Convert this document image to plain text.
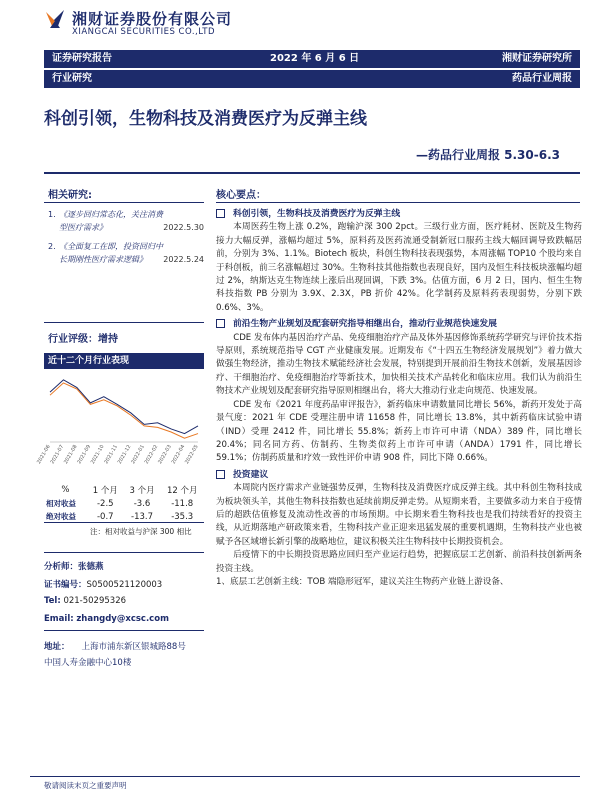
湘财证券股份有限公司
XIANGCAI SECURITIES CO.,LTD
证券研究报告	2022 年 6 月 6 日	湘财证券研究所
行业研究	药品行业周报
科创引领，生物科技及消费医疗为反弹主线
—药品行业周报 5.30-6.3
相关研究:
1. 《逐步回归常态化，关注消费型医疗需求》	2022.5.30
2. 《全面复工在即，投资回归中长期刚性医疗需求逻辑》	2022.5.24
行业评级：增持
近十二个月行业表现
2021-06
2021-07
2021-08
2021-09
2021-10
2021-11
2021-12
2022-01
2022-02
2022-03
2022-04
2022-05
%	1 个月	3 个月	12 个月
相对收益	-2.5	-3.6	-11.8
绝对收益	-0.7	-13.7	-35.3
注：相对收益与沪深 300 相比
分析师：张德燕
证书编号：S0500521120003
Tel: 021-50295326
Email: zhangdy@xcsc.com
地址： 上海市浦东新区银城路88号
中国人寿金融中心10楼
核心要点：
科创引领，生物科技及消费医疗为反弹主线

本周医药生物上涨 0.2%，跑输沪深 300 2pct。三级行业方面，医疗耗材、医院及生物药接力大幅反弹，涨幅均超过 5%，原料药及医药流通受制新冠口服药主线大幅回调导致跌幅居前，分别为 3%、1.1%。Biotech 板块，科创生物科技表现强势，本周涨幅 TOP10 个股均来自于科创板，前三名涨幅超过 30%。生物科技其他指数也表现良好，国内及恒生科技板块涨幅均超过 2%，纳斯达克生物连续上涨后出现回调，下跌 3%。估值方面，6 月 2 日，国内、恒生生物科技指数 PB 分别为 3.9X、2.3X，PB 折价 42%。化学制药及原料药表现弱势，分别下跌 0.6%、3%。

前沿生物产业规划及配套研究指导相继出台，推动行业规范快速发展

CDE 发布体内基因治疗产品、免疫细胞治疗产品及体外基因修饰系统药学研究与评价技术指导原则，系统规范指导 CGT 产业健康发展。近期发布《“十四五生物经济发展规划”》着力做大做强生物经济，推动生物技术赋能经济社会发展，特别提到开展前沿生物技术创新，发展基因诊疗、干细胞治疗、免疫细胞治疗等新技术，加快相关技术产品转化和临床应用。我们认为前沿生物技术产业规划及配套研究指导原则相继出台，将大大推动行业走向规范、快速发展。

CDE 发布《2021 年度药品审评报告》，新药临床申请数量同比增长 56%，新药开发处于高景气度：2021 年 CDE 受理注册申请 11658 件，同比增长 13.8%，其中新药临床试验申请（IND）受理 2412 件，同比增长 55.8%；新药上市许可申请（NDA）389 件，同比增长 20.4%；同名同方药、仿制药、生物类似药上市许可申请（ANDA）1791 件，同比增长 59.1%；仿制药质量和疗效一致性评价申请 908 件，同比下降 0.66%。

投资建议

本周院内医疗需求产业链强势反弹，生物科技及消费医疗成反弹主线。其中科创生物科技成为板块领头羊，其他生物科技指数也延续前期反弹走势。从短期来看，主要做多动力来自于疫情后的超跌估值修复及流动性改善的市场预期。中长期来看生物科技也是我们持续看好的投资主线，从近期落地产研政策来看，生物科技产业正迎来迅猛发展的重要机遇期，生物科技产业也被赋予各区域增长新引擎的战略地位，建议积极关注生物科技中长期投资机会。

后疫情下的中长期投资思路应回归至产业运行趋势，把握底层工艺创新、前沿科技创新两条投资主线。

1、底层工艺创新主线：TOB 端隐形冠军，建议关注生物药产业链上游设备、

敬请阅读末页之重要声明
